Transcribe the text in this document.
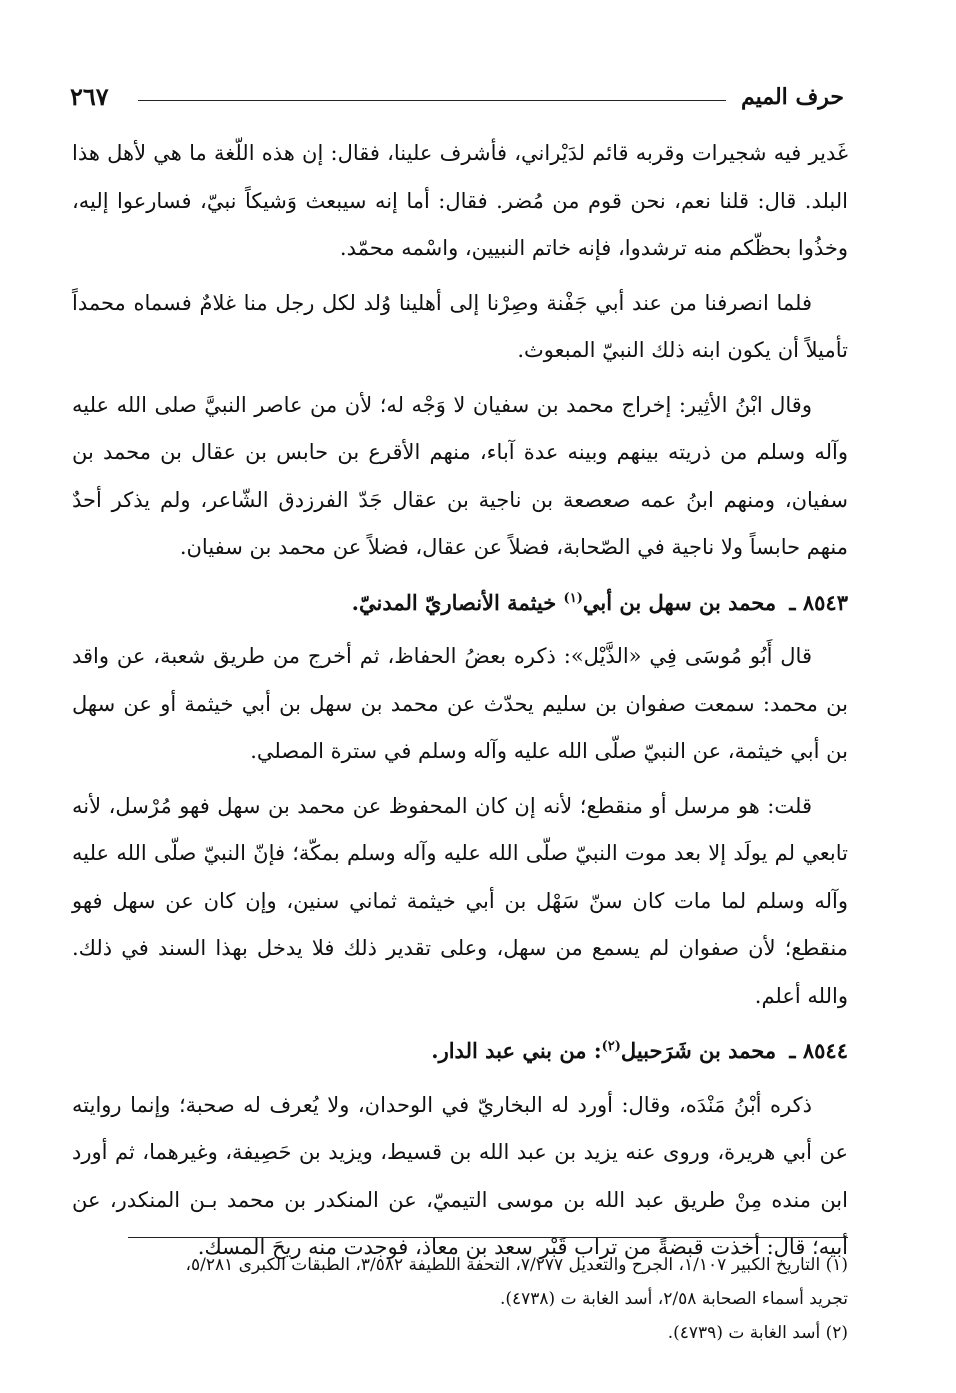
حرف الميم
٢٦٧

غَدير فيه شجيرات وقربه قائم لدَيْراني، فأشرف علينا، فقال: إن هذه اللّغة ما هي لأهل هذا البلد. قال: قلنا نعم، نحن قوم من مُضر. فقال: أما إنه سيبعث وَشيكاً نبيّ، فسارعوا إليه، وخذُوا بحظّكم منه ترشدوا، فإنه خاتم النبيين، واسْمه محمّد.

فلما انصرفنا من عند أبي جَفْنة وصِرْنا إلى أهلينا وُلد لكل رجل منا غلامٌ فسماه محمداً تأميلاً أن يكون ابنه ذلك النبيّ المبعوث.

وقال ابْنُ الأثِير: إخراج محمد بن سفيان لا وَجْه له؛ لأن من عاصر النبيَّ صلى الله عليه وآله وسلم من ذريته بينهم وبينه عدة آباء، منهم الأقرع بن حابس بن عقال بن محمد بن سفيان، ومنهم ابنُ عمه صعصعة بن ناجية بن عقال جَدّ الفرزدق الشّاعر، ولم يذكر أحدٌ منهم حابساً ولا ناجية في الصّحابة، فضلاً عن عقال، فضلاً عن محمد بن سفيان.

٨٥٤٣ ـ محمد بن سهل بن أبي$^{(١)}$ خيثمة الأنصاريّ المدنيّ.

قال أَبُو مُوسَى فِي «الذَّيْل»: ذكره بعضُ الحفاظ، ثم أخرج من طريق شعبة، عن واقد بن محمد: سمعت صفوان بن سليم يحدّث عن محمد بن سهل بن أبي خيثمة أو عن سهل بن أبي خيثمة، عن النبيّ صلّى الله عليه وآله وسلم في سترة المصلي.

قلت: هو مرسل أو منقطع؛ لأنه إن كان المحفوظ عن محمد بن سهل فهو مُرْسل، لأنه تابعي لم يولَد إلا بعد موت النبيّ صلّى الله عليه وآله وسلم بمكّة؛ فإنّ النبيّ صلّى الله عليه وآله وسلم لما مات كان سنّ سَهْل بن أبي خيثمة ثماني سنين، وإن كان عن سهل فهو منقطع؛ لأن صفوان لم يسمع من سهل، وعلى تقدير ذلك فلا يدخل بهذا السند في ذلك. والله أعلم.

٨٥٤٤ ـ محمد بن شَرَحبيل$^{(٢)}$: من بني عبد الدار.

ذكره أبْنُ مَنْدَه، وقال: أورد له البخاريّ في الوحدان، ولا يُعرف له صحبة؛ وإنما روايته عن أبي هريرة، وروى عنه يزيد بن عبد الله بن قسيط، ويزيد بن حَصِيفة، وغيرهما، ثم أورد ابن منده مِنْ طريق عبد الله بن موسى التيميّ، عن المنكدر بن محمد بـن المنكدر، عن أبيه؛ قال: أخذت قبضةً من تراب قَبْر سعد بن معاذ، فوجدت منه ريحَ المسك.

(١) التاريخ الكبير ١/١٠٧، الجرح والتعديل ٧/٢٧٧، التحفة اللطيفة ٣/٥٨٢، الطبقات الكبرى ٥/٢٨١،

تجريد أسماء الصحابة ٢/٥٨، أسد الغابة ت (٤٧٣٨).

(٢) أسد الغابة ت (٤٧٣٩).
